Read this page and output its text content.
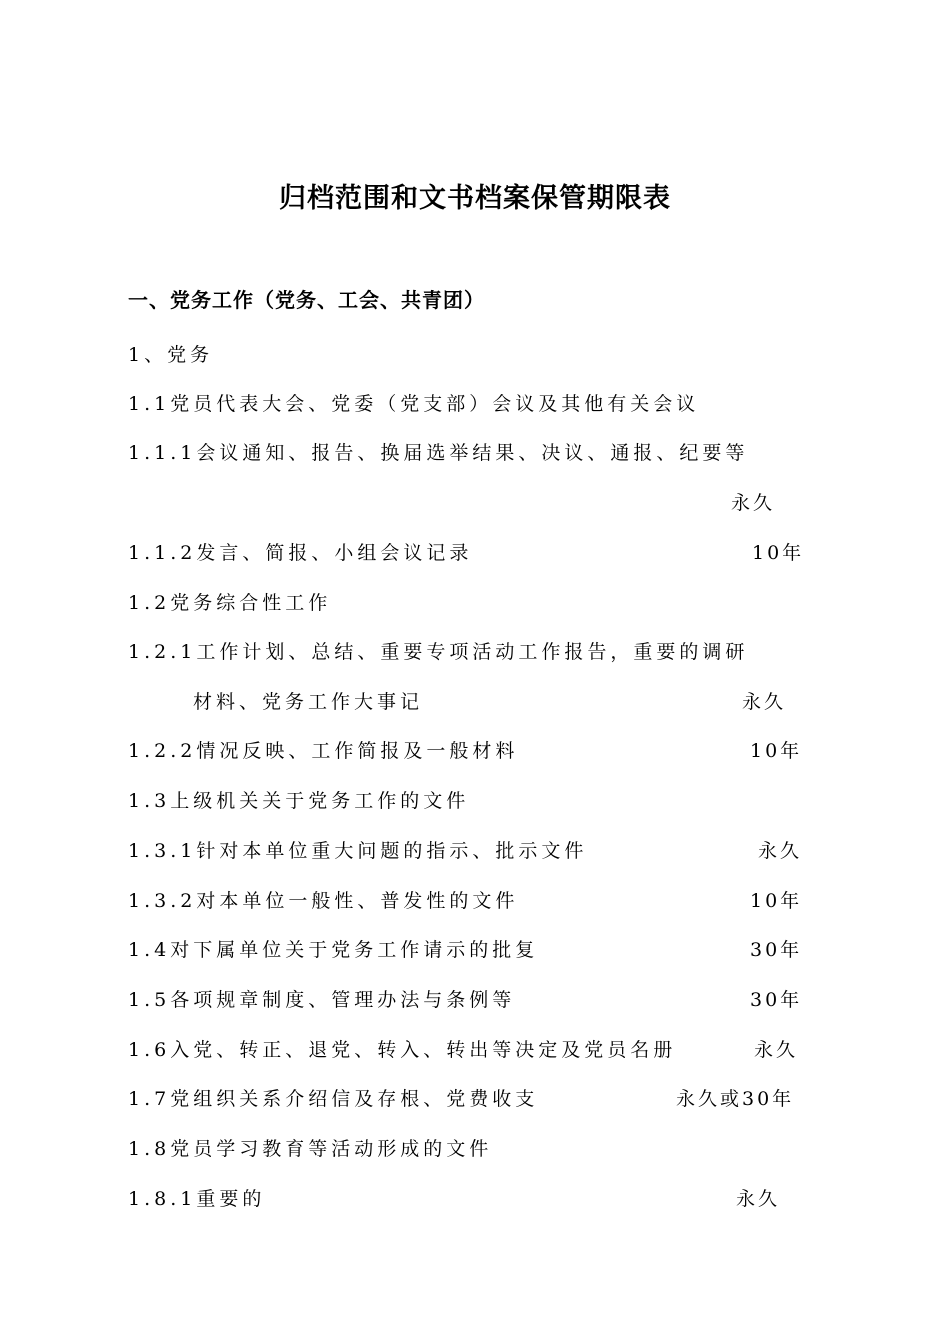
归档范围和文书档案保管期限表
一、党务工作（党务、工会、共青团）
1、党务
1.1党员代表大会、党委（党支部）会议及其他有关会议
1.1.1会议通知、报告、换届选举结果、决议、通报、纪要等
永久
1.1.2发言、简报、小组会议记录	10年
1.2党务综合性工作
1.2.1工作计划、总结、重要专项活动工作报告，重要的调研
材料、党务工作大事记	永久
1.2.2情况反映、工作简报及一般材料	10年
1.3上级机关关于党务工作的文件
1.3.1针对本单位重大问题的指示、批示文件	永久
1.3.2对本单位一般性、普发性的文件	10年
1.4对下属单位关于党务工作请示的批复	30年
1.5各项规章制度、管理办法与条例等	30年
1.6入党、转正、退党、转入、转出等决定及党员名册	永久
1.7党组织关系介绍信及存根、党费收支	永久或30年
1.8党员学习教育等活动形成的文件
1.8.1重要的	永久
